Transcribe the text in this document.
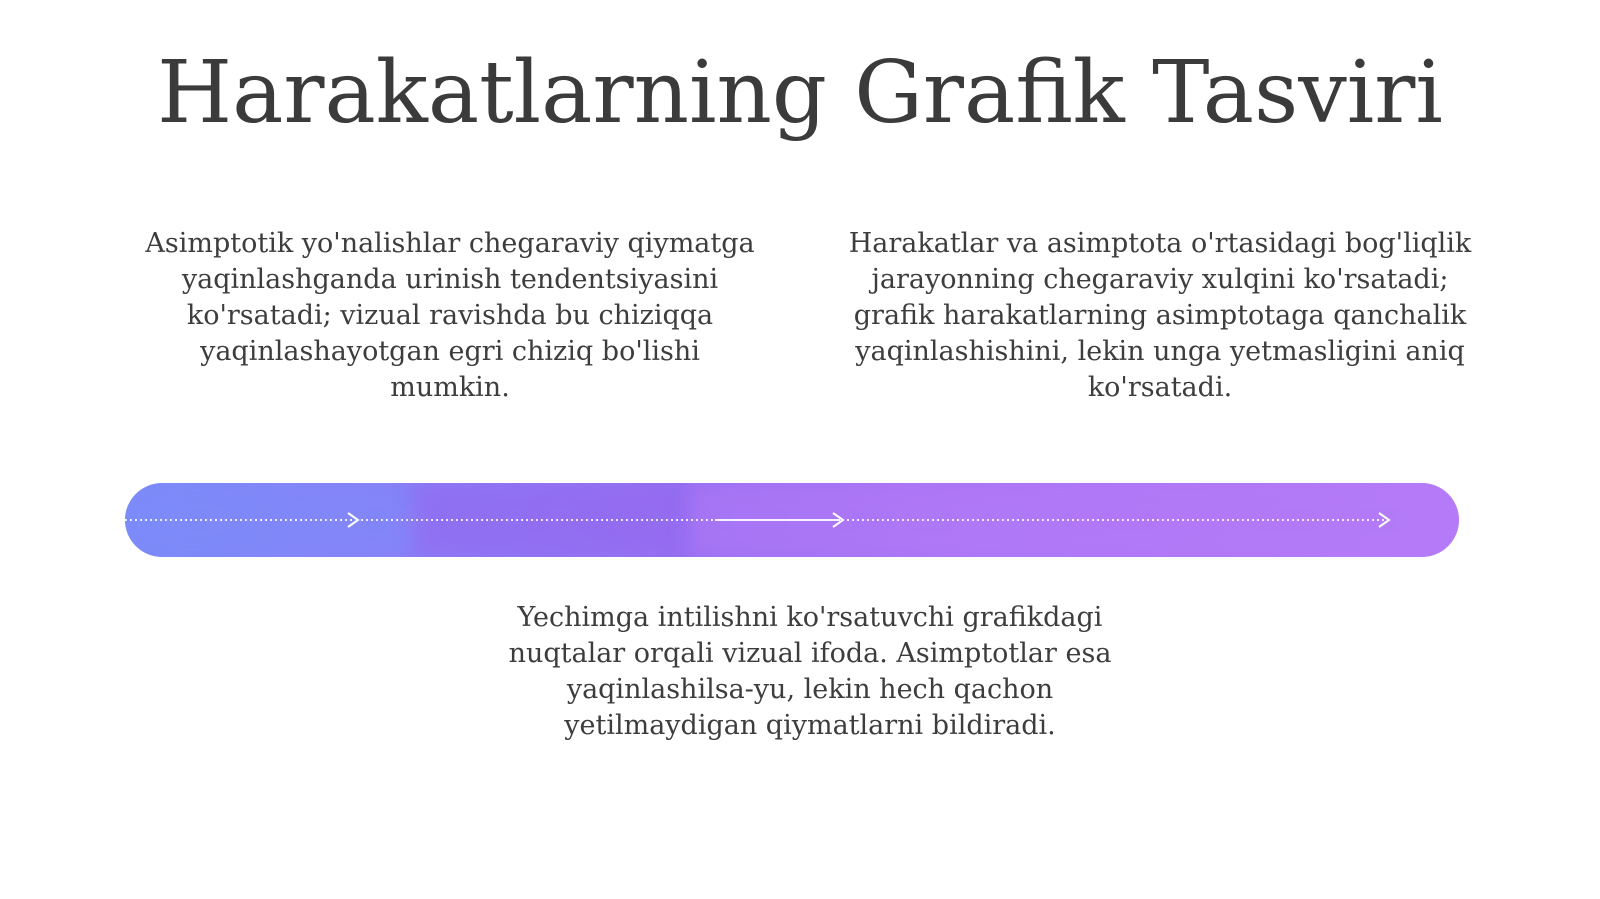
Harakatlarning Grafik Tasviri

Asimptotik yo'nalishlar chegaraviy qiymatga yaqinlashganda urinish tendentsiyasini ko'rsatadi; vizual ravishda bu chiziqqa yaqinlashayotgan egri chiziq bo'lishi mumkin.

Harakatlar va asimptota o'rtasidagi bog'liqlik jarayonning chegaraviy xulqini ko'rsatadi; grafik harakatlarning asimptotaga qanchalik yaqinlashishini, lekin unga yetmasligini aniq ko'rsatadi.

Yechimga intilishni ko'rsatuvchi grafikdagi nuqtalar orqali vizual ifoda. Asimptotlar esa yaqinlashilsa-yu, lekin hech qachon yetilmaydigan qiymatlarni bildiradi.
